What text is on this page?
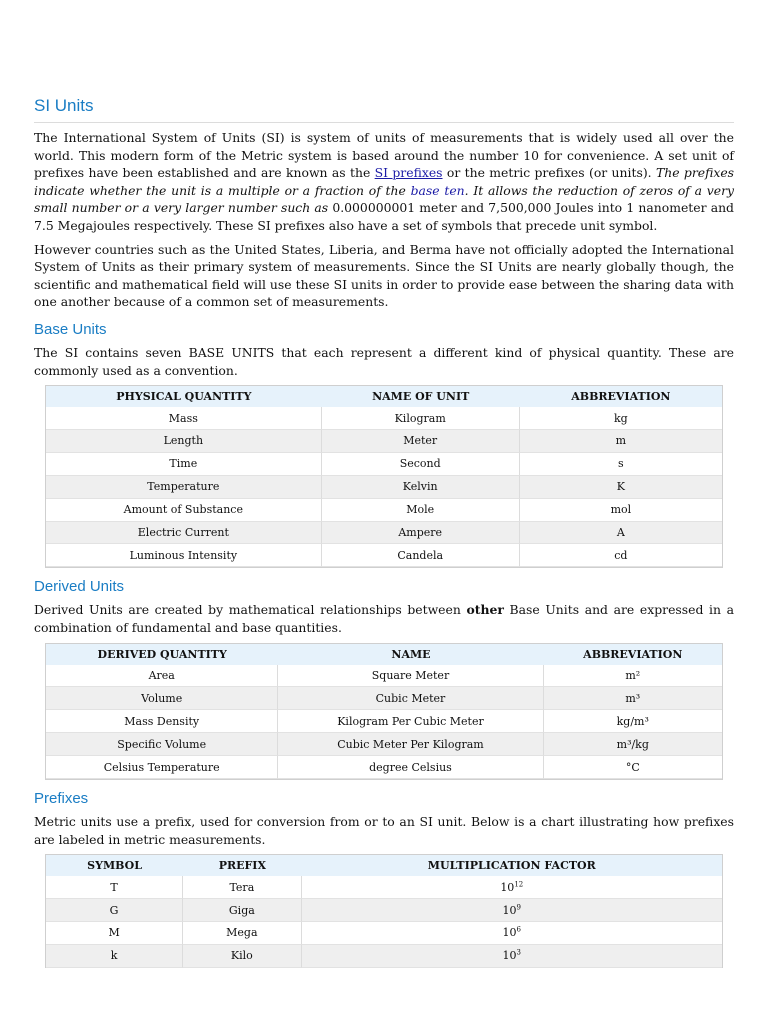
SI Units

The International System of Units (SI) is system of units of measurements that is widely used all over the world. This modern form of the Metric system is based around the number 10 for convenience. A set unit of prefixes have been established and are known as the SI prefixes or the metric prefixes (or units). The prefixes indicate whether the unit is a multiple or a fraction of the base ten. It allows the reduction of zeros of a very small number or a very larger number such as 0.000000001 meter and 7,500,000 Joules into 1 nanometer and 7.5 Megajoules respectively. These SI prefixes also have a set of symbols that precede unit symbol.

However countries such as the United States, Liberia, and Berma have not officially adopted the International System of Units as their primary system of measurements. Since the SI Units are nearly globally though, the scientific and mathematical field will use these SI units in order to provide ease between the sharing data with one another because of a common set of measurements.

Base Units

The SI contains seven BASE UNITS that each represent a different kind of physical quantity. These are commonly used as a convention.

PHYSICAL QUANTITY	NAME OF UNIT	ABBREVIATION
Mass	Kilogram	kg
Length	Meter	m
Time	Second	s
Temperature	Kelvin	K
Amount of Substance	Mole	mol
Electric Current	Ampere	A
Luminous Intensity	Candela	cd
Derived Units

Derived Units are created by mathematical relationships between other Base Units and are expressed in a combination of fundamental and base quantities.

DERIVED QUANTITY	NAME	ABBREVIATION
Area	Square Meter	m²
Volume	Cubic Meter	m³
Mass Density	Kilogram Per Cubic Meter	kg/m³
Specific Volume	Cubic Meter Per Kilogram	m³/kg
Celsius Temperature	degree Celsius	°C
Prefixes

Metric units use a prefix, used for conversion from or to an SI unit. Below is a chart illustrating how prefixes are labeled in metric measurements.

SYMBOL	PREFIX	MULTIPLICATION FACTOR
T	Tera	$10^{12}$
G	Giga	$10^9$
M	Mega	$10^6$
k	Kilo	$10^3$
